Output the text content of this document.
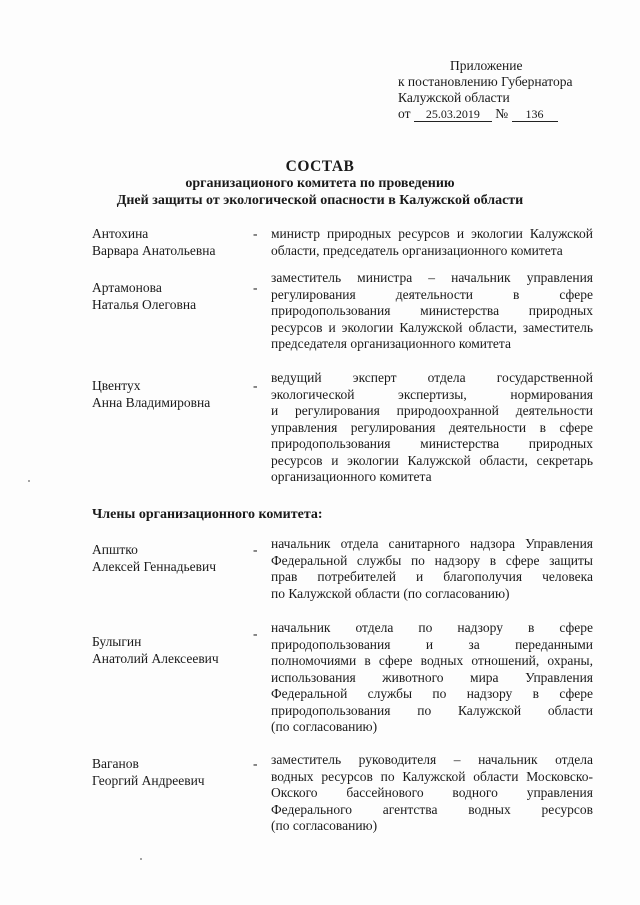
Приложение
к постановлению Губернатора
Калужской области
от 25.03.2019 № 136
СОСТАВ
организационого комитета по проведению
Дней защиты от экологической опасности в Калужской области
Антохина
Варвара Анатольевна
- министр природных ресурсов и экологии Калужской
области, председатель организационного комитета
Артамонова
Наталья Олеговна
-
заместитель министра – начальник управления
регулирования деятельности в сфере
природопользования министерства природных
ресурсов и экологии Калужской области, заместитель
председателя организационного комитета
Цвентух
Анна Владимировна
-
ведущий эксперт отдела государственной
экологической экспертизы, нормирования
и регулирования природоохранной деятельности
управления регулирования деятельности в сфере
природопользования министерства природных
ресурсов и экологии Калужской области, секретарь
организационного комитета
Члены организационного комитета:
Апштко
Алексей Геннадьевич
- начальник отдела санитарного надзора Управления
Федеральной службы по надзору в сфере защиты
прав потребителей и благополучия человека
по Калужской области (по согласованию)
Булыгин
Анатолий Алексеевич
- начальник отдела по надзору в сфере
природопользования и за переданными
полномочиями в сфере водных отношений, охраны,
использования животного мира Управления
Федеральной службы по надзору в сфере
природопользования по Калужской области
(по согласованию)
Ваганов
Георгий Андреевич
- заместитель руководителя – начальник отдела
водных ресурсов по Калужской области Московско-
Окского бассейнового водного управления
Федерального агентства водных ресурсов
(по согласованию)
